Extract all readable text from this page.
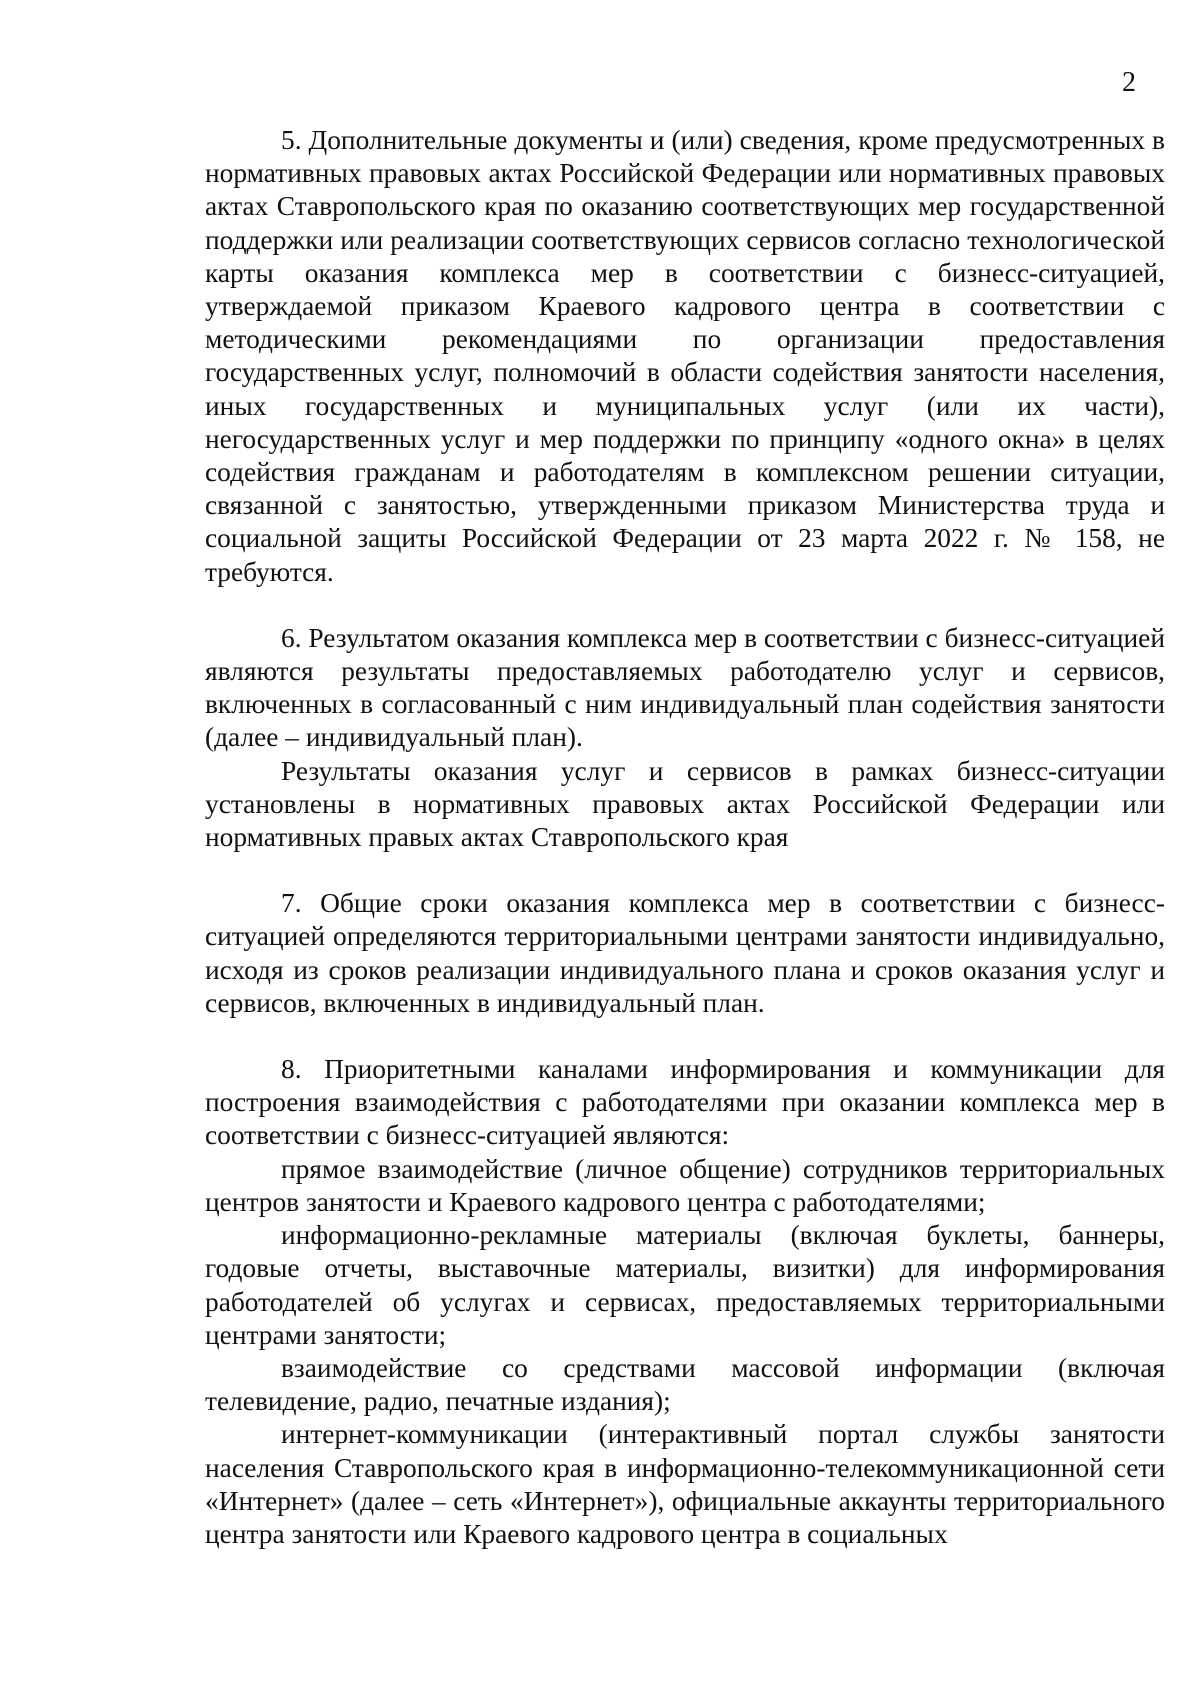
2

5. Дополнительные документы и (или) сведения, кроме предусмотренных в нормативных правовых актах Российской Федерации или нормативных правовых актах Ставропольского края по оказанию соответствующих мер государственной поддержки или реализации соответствующих сервисов согласно технологической карты оказания комплекса мер в соответствии с бизнесс-ситуацией, утверждаемой приказом Краевого кадрового центра в соответствии с методическими рекомендациями по организации предоставления государственных услуг, полномочий в области содействия занятости населения, иных государственных и муниципальных услуг (или их части), негосударственных услуг и мер поддержки по принципу «одного окна» в целях содействия гражданам и работодателям в комплексном решении ситуации, связанной с занятостью, утвержденными приказом Министерства труда и социальной защиты Российской Федерации от 23 марта 2022 г. № 158, не требуются.

6. Результатом оказания комплекса мер в соответствии с бизнесс-ситуацией являются результаты предоставляемых работодателю услуг и сервисов, включенных в согласованный с ним индивидуальный план содействия занятости (далее – индивидуальный план).

Результаты оказания услуг и сервисов в рамках бизнесс-ситуации установлены в нормативных правовых актах Российской Федерации или нормативных правых актах Ставропольского края

7. Общие сроки оказания комплекса мер в соответствии с бизнесс-ситуацией определяются территориальными центрами занятости индивидуально, исходя из сроков реализации индивидуального плана и сроков оказания услуг и сервисов, включенных в индивидуальный план.

8. Приоритетными каналами информирования и коммуникации для построения взаимодействия с работодателями при оказании комплекса мер в соответствии с бизнесс-ситуацией являются:

прямое взаимодействие (личное общение) сотрудников территориальных центров занятости и Краевого кадрового центра с работодателями;

информационно-рекламные материалы (включая буклеты, баннеры, годовые отчеты, выставочные материалы, визитки) для информирования работодателей об услугах и сервисах, предоставляемых территориальными центрами занятости;

взаимодействие со средствами массовой информации (включая телевидение, радио, печатные издания);

интернет-коммуникации (интерактивный портал службы занятости населения Ставропольского края в информационно-телекоммуникационной сети «Интернет» (далее – сеть «Интернет»), официальные аккаунты территориального центра занятости или Краевого кадрового центра в социальных
